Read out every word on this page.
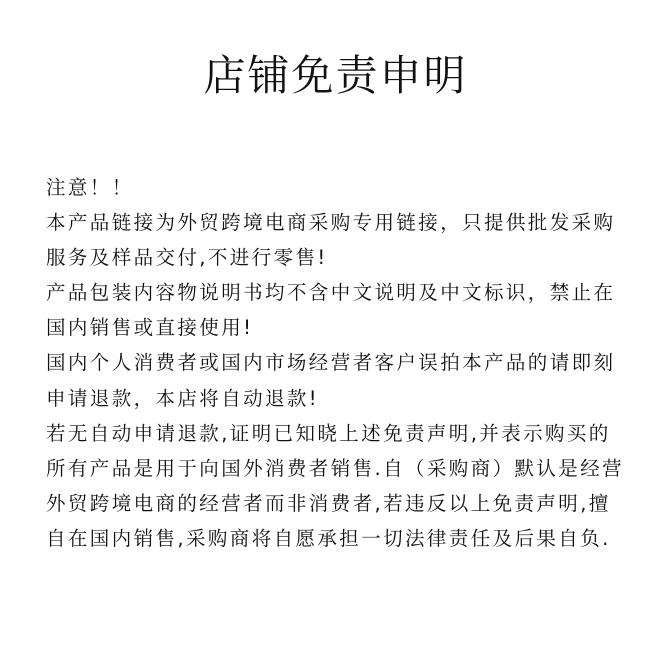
店铺免责申明

注意！！

本产品链接为外贸跨境电商采购专用链接，只提供批发采购

服务及样品交付,不进行零售!

产品包装内容物说明书均不含中文说明及中文标识，禁止在

国内销售或直接使用!

国内个人消费者或国内市场经营者客户误拍本产品的请即刻

申请退款，本店将自动退款!

若无自动申请退款,证明已知晓上述免责声明,并表示购买的

所有产品是用于向国外消费者销售.自（采购商）默认是经营

外贸跨境电商的经营者而非消费者,若违反以上免责声明,擅

自在国内销售,采购商将自愿承担一切法律责任及后果自负.
